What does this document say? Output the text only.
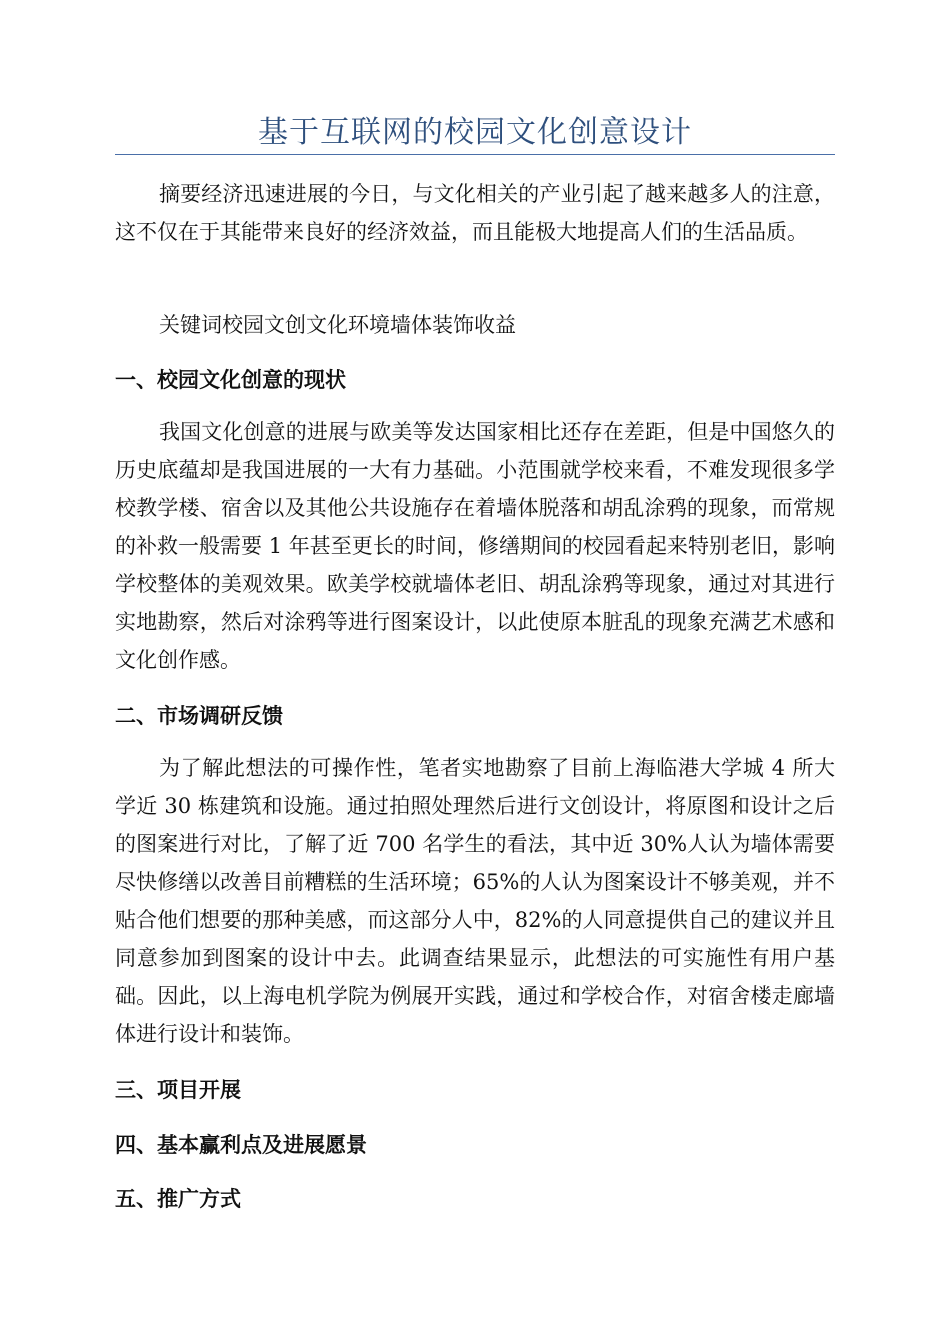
基于互联网的校园文化创意设计

摘要经济迅速进展的今日，与文化相关的产业引起了越来越多人的注意，这不仅在于其能带来良好的经济效益，而且能极大地提高人们的生活品质。

关键词校园文创文化环境墙体装饰收益

一、校园文化创意的现状

我国文化创意的进展与欧美等发达国家相比还存在差距，但是中国悠久的历史底蕴却是我国进展的一大有力基础。小范围就学校来看，不难发现很多学校教学楼、宿舍以及其他公共设施存在着墙体脱落和胡乱涂鸦的现象，而常规的补救一般需要 1 年甚至更长的时间，修缮期间的校园看起来特别老旧，影响学校整体的美观效果。欧美学校就墙体老旧、胡乱涂鸦等现象，通过对其进行实地勘察，然后对涂鸦等进行图案设计，以此使原本脏乱的现象充满艺术感和文化创作感。

二、市场调研反馈

为了解此想法的可操作性，笔者实地勘察了目前上海临港大学城 4 所大学近 30 栋建筑和设施。通过拍照处理然后进行文创设计，将原图和设计之后的图案进行对比，了解了近 700 名学生的看法，其中近 30%人认为墙体需要尽快修缮以改善目前糟糕的生活环境；65%的人认为图案设计不够美观，并不贴合他们想要的那种美感，而这部分人中，82%的人同意提供自己的建议并且同意参加到图案的设计中去。此调查结果显示，此想法的可实施性有用户基础。因此，以上海电机学院为例展开实践，通过和学校合作，对宿舍楼走廊墙体进行设计和装饰。

三、项目开展
四、基本赢利点及进展愿景
五、推广方式
